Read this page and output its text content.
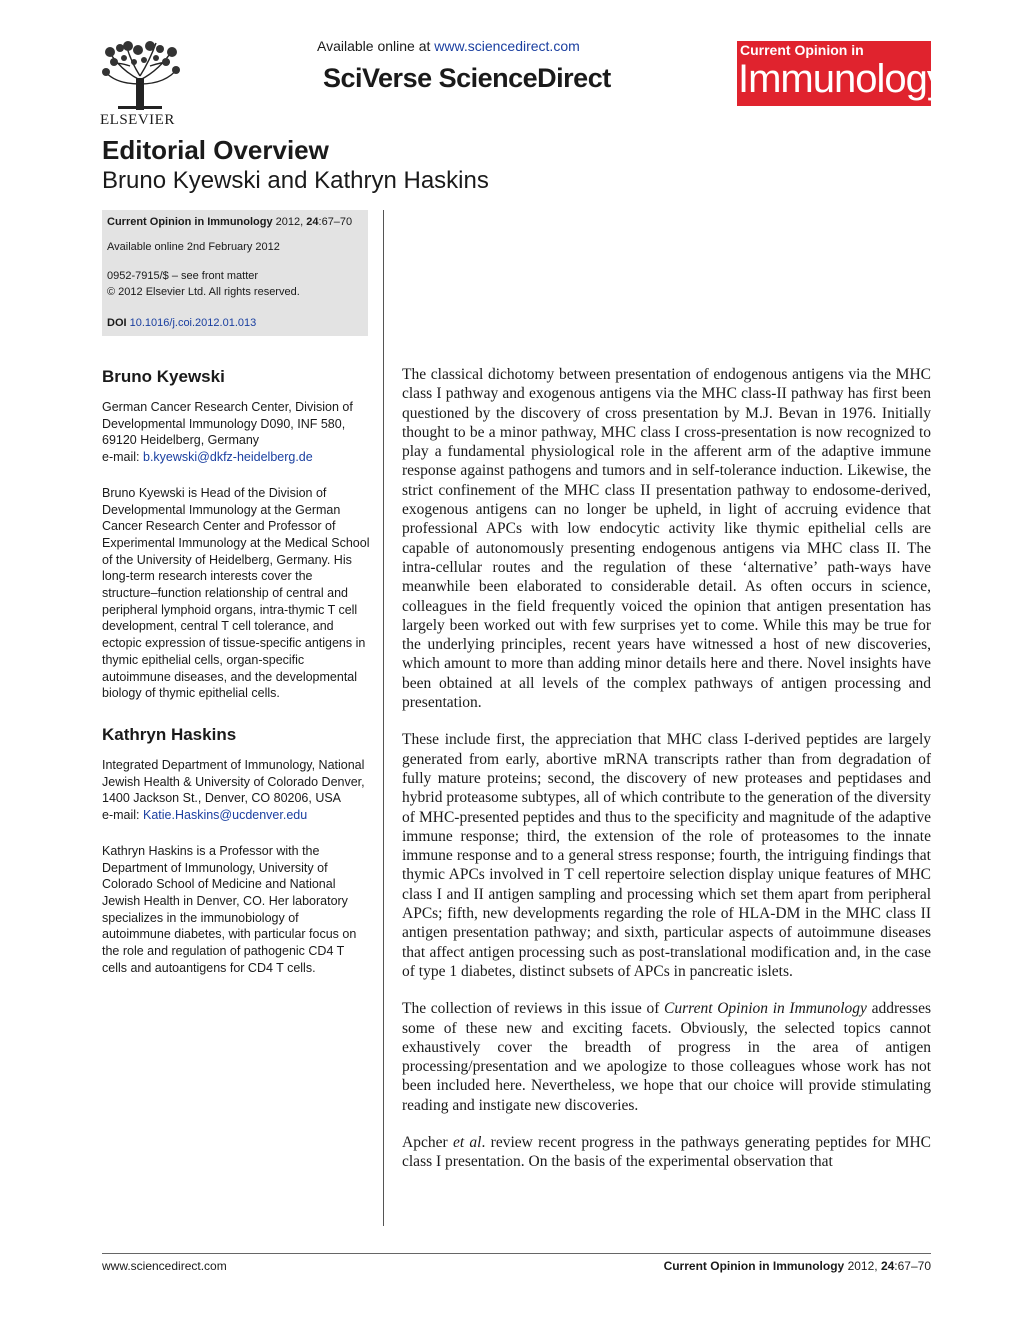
ELSEVIER
Available online at www.sciencedirect.com
SciVerse ScienceDirect
Current Opinion in
Immunology
Editorial Overview
Bruno Kyewski and Kathryn Haskins
Current Opinion in Immunology 2012, 24:67–70
Available online 2nd February 2012
0952-7915/$ – see front matter
© 2012 Elsevier Ltd. All rights reserved.
DOI 10.1016/j.coi.2012.01.013
Bruno Kyewski

German Cancer Research Center, Division of Developmental Immunology D090, INF 580, 69120 Heidelberg, Germany

e-mail: b.kyewski@dkfz-heidelberg.de

Bruno Kyewski is Head of the Division of Developmental Immunology at the German Cancer Research Center and Professor of Experimental Immunology at the Medical School of the University of Heidelberg, Germany. His long-term research interests cover the structure–function relationship of central and peripheral lymphoid organs, intra-thymic T cell development, central T cell tolerance, and ectopic expression of tissue-specific antigens in thymic epithelial cells, organ-specific autoimmune diseases, and the developmental biology of thymic epithelial cells.

Kathryn Haskins

Integrated Department of Immunology, National Jewish Health & University of Colorado Denver, 1400 Jackson St., Denver, CO 80206, USA

e-mail: Katie.Haskins@ucdenver.edu

Kathryn Haskins is a Professor with the Department of Immunology, University of Colorado School of Medicine and National Jewish Health in Denver, CO. Her laboratory specializes in the immunobiology of autoimmune diabetes, with particular focus on the role and regulation of pathogenic CD4 T cells and autoantigens for CD4 T cells.

The classical dichotomy between presentation of endogenous antigens via the MHC class I pathway and exogenous antigens via the MHC class-II pathway has first been questioned by the discovery of cross presentation by M.J. Bevan in 1976. Initially thought to be a minor pathway, MHC class I cross-presentation is now recognized to play a fundamental physiological role in the afferent arm of the adaptive immune response against pathogens and tumors and in self-tolerance induction. Likewise, the strict confinement of the MHC class II presentation pathway to endosome-derived, exogenous antigens can no longer be upheld, in light of accruing evidence that professional APCs with low endocytic activity like thymic epithelial cells are capable of autonomously presenting endogenous antigens via MHC class II. The intra-cellular routes and the regulation of these ‘alternative’ path-ways have meanwhile been elaborated to considerable detail. As often occurs in science, colleagues in the field frequently voiced the opinion that antigen presentation has largely been worked out with few surprises yet to come. While this may be true for the underlying principles, recent years have witnessed a host of new discoveries, which amount to more than adding minor details here and there. Novel insights have been obtained at all levels of the complex pathways of antigen processing and presentation.

These include first, the appreciation that MHC class I-derived peptides are largely generated from early, abortive mRNA transcripts rather than from degradation of fully mature proteins; second, the discovery of new proteases and peptidases and hybrid proteasome subtypes, all of which contribute to the generation of the diversity of MHC-presented peptides and thus to the specificity and magnitude of the adaptive immune response; third, the extension of the role of proteasomes to the innate immune response and to a general stress response; fourth, the intriguing findings that thymic APCs involved in T cell repertoire selection display unique features of MHC class I and II antigen sampling and processing which set them apart from peripheral APCs; fifth, new developments regarding the role of HLA-DM in the MHC class II antigen presentation pathway; and sixth, particular aspects of autoimmune diseases that affect antigen processing such as post-translational modification and, in the case of type 1 diabetes, distinct subsets of APCs in pancreatic islets.

The collection of reviews in this issue of Current Opinion in Immunology addresses some of these new and exciting facets. Obviously, the selected topics cannot exhaustively cover the breadth of progress in the area of antigen processing/presentation and we apologize to those colleagues whose work has not been included here. Nevertheless, we hope that our choice will provide stimulating reading and instigate new discoveries.

Apcher et al. review recent progress in the pathways generating peptides for MHC class I presentation. On the basis of the experimental observation that

www.sciencedirect.com	Current Opinion in Immunology 2012, 24:67–70
